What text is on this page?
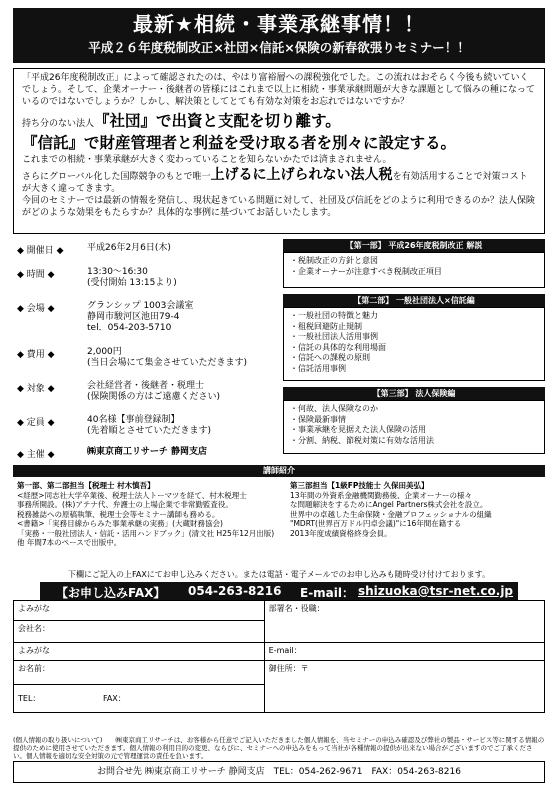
最新★相続・事業承継事情！！
平成２６年度税制改正×社団×信託×保険の新春欲張りセミナー！！

「平成26年度税制改正」によって確認されたのは、やはり富裕層への課税強化でした。この流れはおそらく今後も続いていくでしょう。そして、企業オーナー・後継者の皆様にはこれまで以上に相続・事業承継問題が大きな課題として悩みの種になっているのではないでしょうか？しかし、解決策としてとても有効な対策をお忘れではないですか？

持ち分のない法人『社団』で出資と支配を切り離す。

『信託』で財産管理者と利益を受け取る者を別々に設定する。

これまでの相続・事業承継が大きく変わっていることを知らないかたでは済まされません。

さらにグローバル化した国際競争のもとで唯一上げるに上げられない法人税を有効活用することで対策コストが大きく違ってきます。

今回のセミナーでは最新の情報を発信し、現状起きている問題に対して、社団及び信託をどのように利用できるのか？法人保険がどのような効果をもたらすか？具体的な事例に基づいてお話しいたします。

◆ 開催日 ◆	平成26年2月6日(木)
◆ 時間 ◆	13:30〜16:30
(受付開始 13:15より)
◆ 会場 ◆	グランシップ 1003会議室
静岡市駿河区池田79-4
tel．054-203-5710
◆ 費用 ◆	2,000円
(当日会場にて集金させていただきます)
◆ 対象 ◆	会社経営者・後継者・税理士
(保険関係の方はご遠慮ください)
◆ 定員 ◆	40名様【事前登録制】
(先着順とさせていただきます)
◆ 主催 ◆	㈱東京商工リサーチ 静岡支店
【第一部】 平成26年度税制改正 解説
・税制改正の方針と意図
・企業オーナーが注意すべき税制改正項目
【第二部】 一般社団法人×信託編
・一般社団の特徴と魅力
・租税回避防止規制
・一般社団法人活用事例
・信託の具体的な利用場面
・信託への課税の原則
・信託活用事例
【第三部】 法人保険編
・何故、法人保険なのか
・保険最新事情
・事業承継を見据えた法人保険の活用
・分割、納税、節税対策に有効な活用法
講師紹介
第一部、第二部担当【税理士 村木慎吾】
<経歴>同志社大学卒業後、税理士法人トーマツを経て、村木税理士
事務所開設。(株)アテナ代、弁護士の上場企業で非常勤監査役。
税務雑誌への原稿執筆、税理士会等セミナー講師も務める。
<書籍>「実務目線からみた事業承継の実務」(大蔵財務協会)
「実務・一般社団法人・信託・活用ハンドブック」(清文社 H25年12月出版)　他 年間7本のペースで出版中。
第三部担当【1級FP技能士 久保田美弘】
13年間の外資系金融機関勤務後、企業オーナーの様々
な問題解決をするためにAngel Partners株式会社を設立。
世界中の卓越した生命保険・金融プロフェッショナルの組織
"MDRT(世界百万ドル円卓会議)"に16年間在籍する
2013年度成績資格終身会員。
下欄にご記入の上FAXにてお申し込みください。または電話・電子メールでのお申し込みも随時受け付けております。
【お申し込みFAX】 054-263-8216 E-mail： shizuoka@tsr-net.co.jp
よみがな	部署名・役職：
会社名：	
よみがな	E-mail：
お名前：	御住所：〒
TEL： FAX：	
(個人情報の取り扱いについて)　　㈱東京商工リサーチは、お客様から任意でご記入いただきました個人情報を、当セミナーの申込み確認及び弊社の製品・サービス等に関する情報の提供のために使用させていただきます。個人情報の利用目的の変更、ならびに、セミナーへの申込みをもって当社が各種情報の提供が出来ない場合がございますのでご了承ください。個人情報を適切な安全対策の元で管理運営の責任を負います。
お問合せ先 ㈱東京商工リサーチ 静岡支店　TEL：054-262-9671　FAX：054-263-8216
